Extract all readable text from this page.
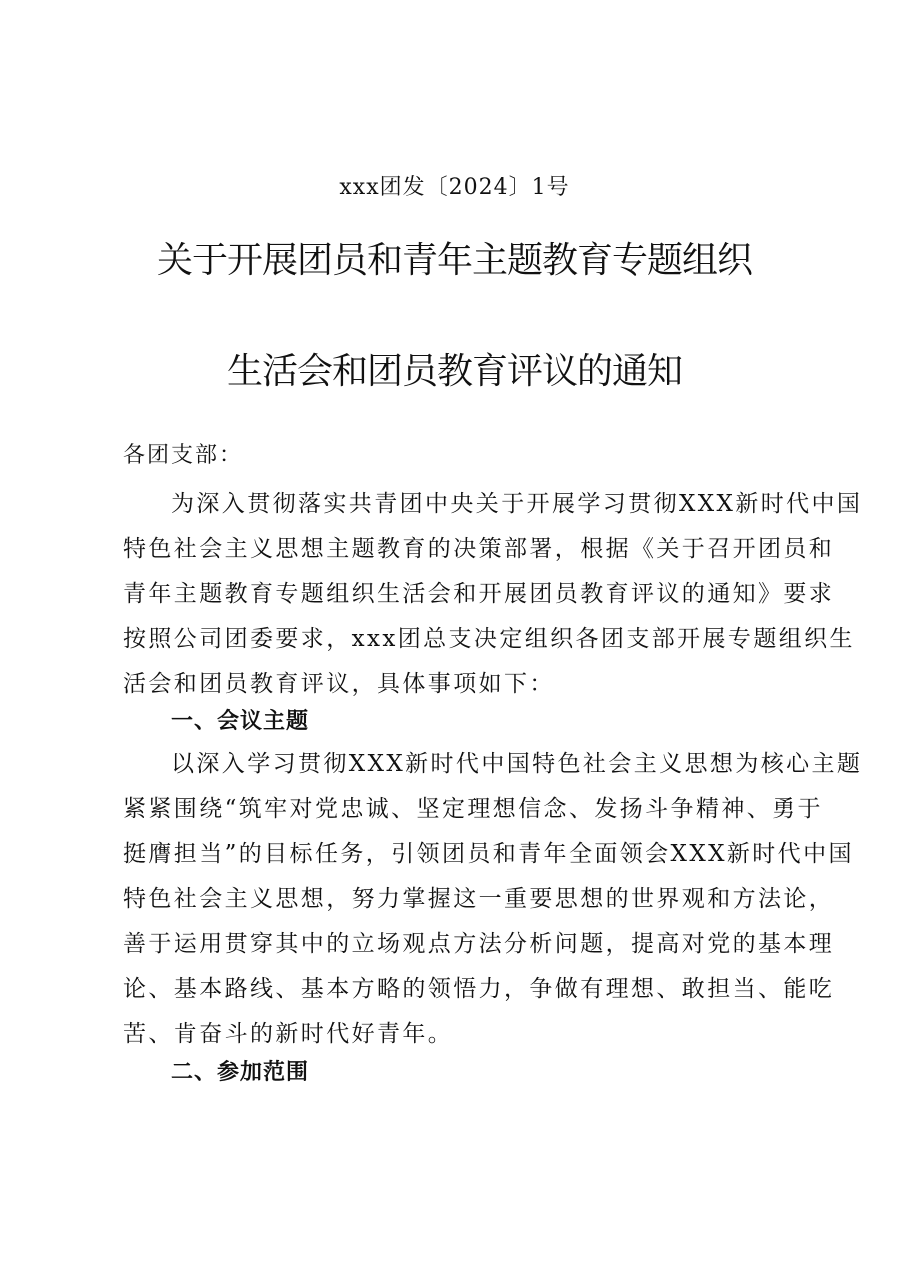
xxx团发〔2024〕1号
关于开展团员和青年主题教育专题组织
生活会和团员教育评议的通知
各团支部：
为深入贯彻落实共青团中央关于开展学习贯彻XXX新时代中国
特色社会主义思想主题教育的决策部署，根据《关于召开团员和
青年主题教育专题组织生活会和开展团员教育评议的通知》要求
按照公司团委要求，xxx团总支决定组织各团支部开展专题组织生
活会和团员教育评议，具体事项如下：
一、会议主题
以深入学习贯彻XXX新时代中国特色社会主义思想为核心主题
紧紧围绕“筑牢对党忠诚、坚定理想信念、发扬斗争精神、勇于
挺膺担当”的目标任务，引领团员和青年全面领会XXX新时代中国
特色社会主义思想，努力掌握这一重要思想的世界观和方法论，
善于运用贯穿其中的立场观点方法分析问题，提高对党的基本理
论、基本路线、基本方略的领悟力，争做有理想、敢担当、能吃
苦、肯奋斗的新时代好青年。
二、参加范围
